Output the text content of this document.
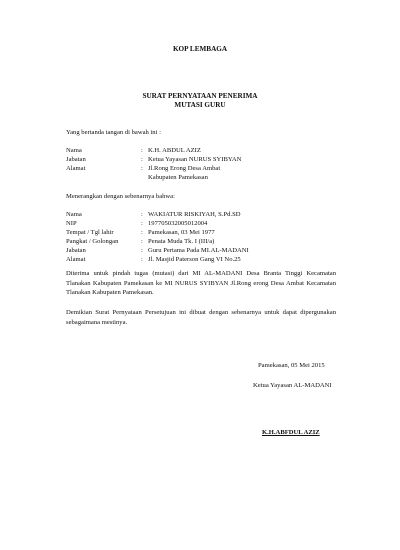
KOP LEMBAGA
SURAT PERNYATAAN PENERIMA
MUTASI GURU
Yang bertanda tangan di bawah ini :
Nama	: K.H. ABDUL AZIZ
Jabatan	: Ketua Yayasan NURUS SYIBYAN
Alamat	: Jl.Rong Erong Desa Ambat
Kabupaten Pamekasan
Menerangkan dengan sebenarnya bahwa:
Nama	: WAKIATUR RISKIYAH, S.Pd.SD
NIP	: 197705032005012004
Tempat / Tgl lahir	: Pamekasan, 03 Mei 1977
Pangkat / Golongan	: Penata Muda Tk. I (III/a)
Jabatan	: Guru Pertama Pada MI.AL-MADANI
Alamat	: Jl. Masjid Paterson Gang VI No.25
Diterima untuk pindah tugas (mutasi) dari MI AL-MADANI Desa Branta Tinggi Kecamatan Tlanakan Kabupaten Pamekasan ke MI NURUS SYIBYAN Jl.Rong erong Desa Ambat Kecamatan Tlanakan Kabupaten Pamekasan.
Demikian Surat Pernyataan Persetujuan ini dibuat dengan sebenarnya untuk dapat dipergunakan sebagaimana mestinya.
Pamekasan, 05 Mei 2015
Ketua Yayasan AL-MADANI
K.H.ABFDUL AZIZ
